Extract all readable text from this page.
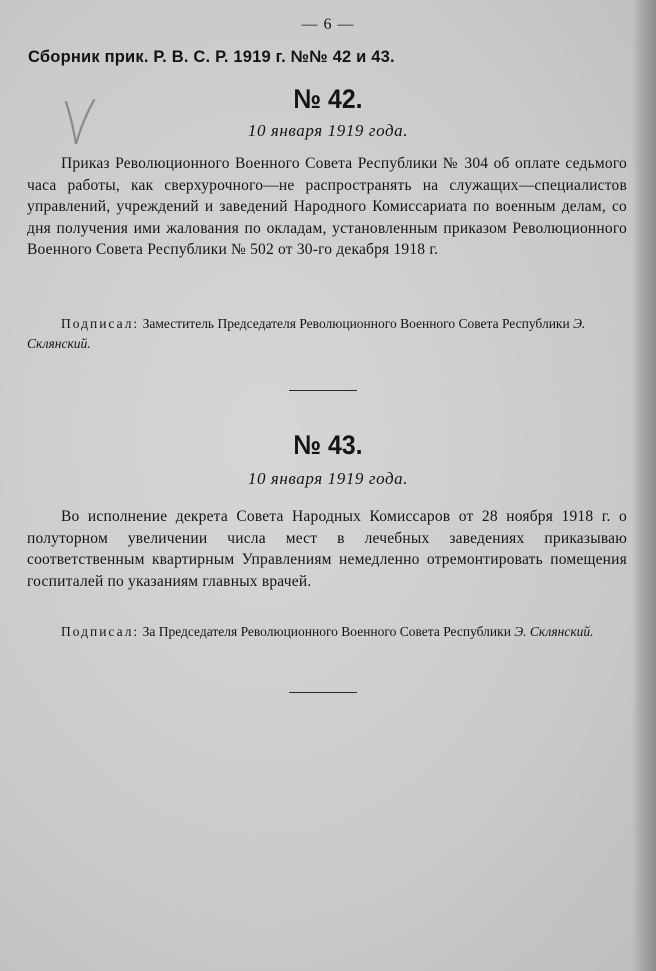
— 6 —
Сборник прик. Р. В. С. Р. 1919 г. №№ 42 и 43.
№ 42.
10 января 1919 года.
Приказ Революционного Военного Совета Республики № 304 об оплате седьмого часа работы, как сверхурочного—не распространять на служащих—специалистов управлений, учреждений и заведений Народного Комиссариата по военным делам, со дня получения ими жалования по окладам, установленным приказом Революционного Военного Совета Республики № 502 от 30-го декабря 1918 г.
Подписал: Заместитель Председателя Революционного Военного Совета Республики Э. Склянский.
№ 43.
10 января 1919 года.
Во исполнение декрета Совета Народных Комиссаров от 28 ноября 1918 г. о полуторном увеличении числа мест в лечебных заведениях приказываю соответственным квартирным Управлениям немедленно отремонтировать помещения госпиталей по указаниям главных врачей.
Подписал: За Председателя Революционного Военного Совета Республики Э. Склянский.
